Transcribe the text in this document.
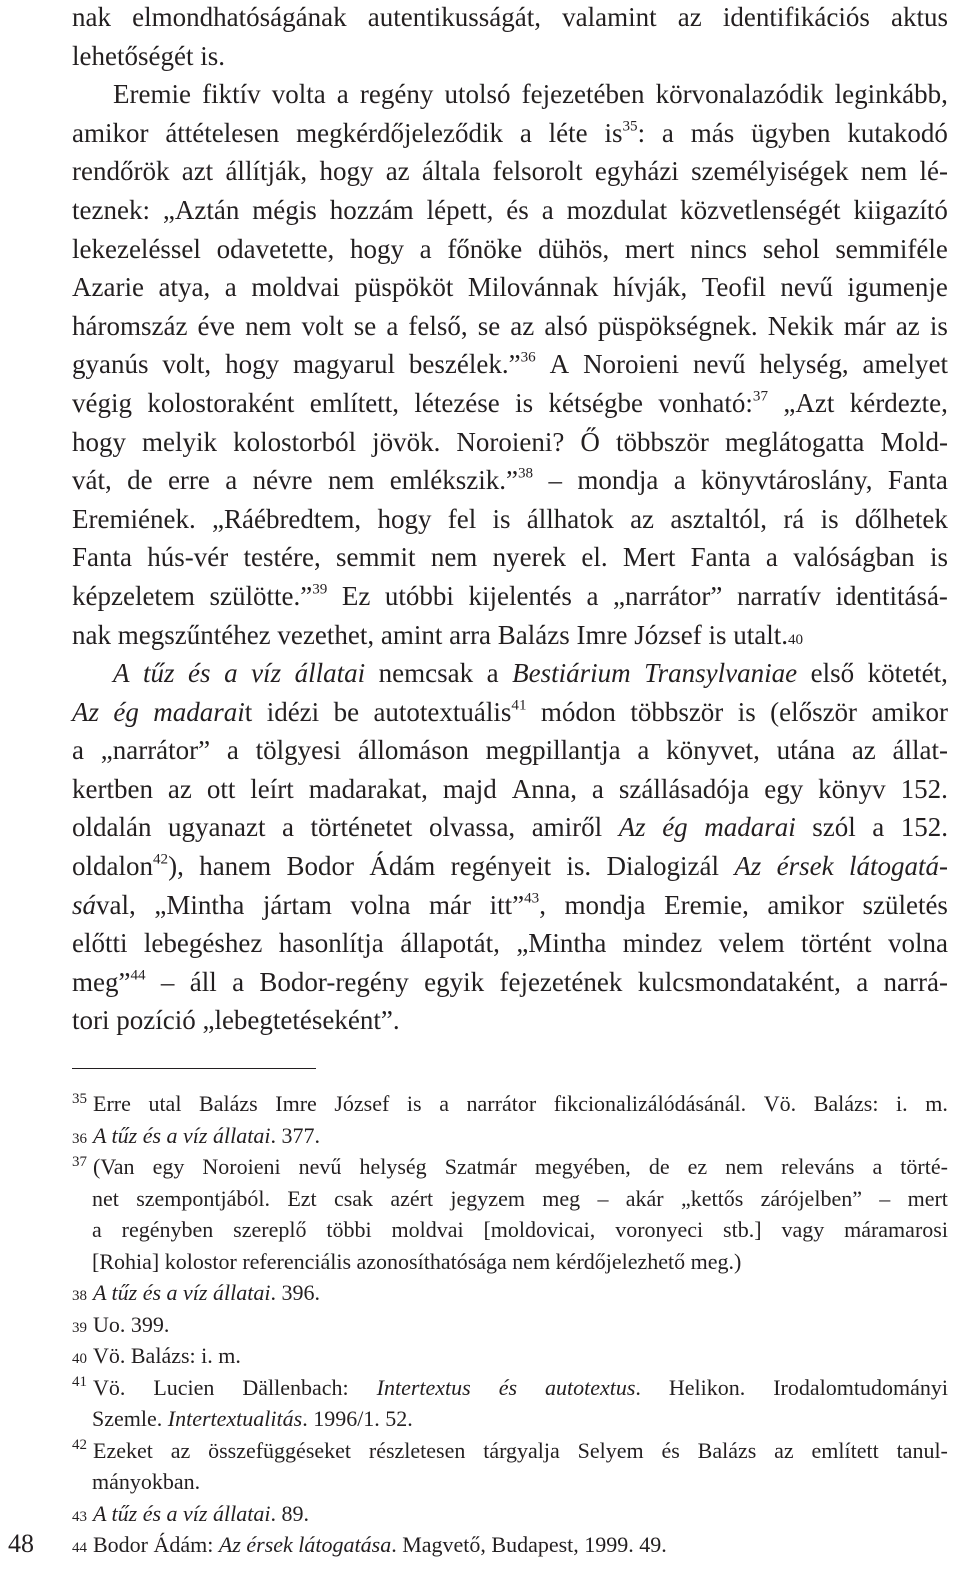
nak elmondhatóságának autentikusságát, valamint az identifikációs aktus
lehetőségét is.
Eremie fiktív volta a regény utolsó fejezetében körvonalazódik leginkább,
amikor áttételesen megkérdőjeleződik a léte is$^{35}$: a más ügyben kutakodó
rendőrök azt állítják, hogy az általa felsorolt egyházi személyiségek nem lé-
teznek: „Aztán mégis hozzám lépett, és a mozdulat közvetlenségét kiigazító
lekezeléssel odavetette, hogy a főnöke dühös, mert nincs sehol semmiféle
Azarie atya, a moldvai püspököt Milovánnak hívják, Teofil nevű igumenje
háromszáz éve nem volt se a felső, se az alsó püspökségnek. Nekik már az is
gyanús volt, hogy magyarul beszélek.”$^{36}$ A Noroieni nevű helység, amelyet
végig kolostoraként említett, létezése is kétségbe vonható:$^{37}$ „Azt kérdezte,
hogy melyik kolostorból jövök. Noroieni? Ő többször meglátogatta Mold-
vát, de erre a névre nem emlékszik.”$^{38}$ – mondja a könyvtároslány, Fanta
Eremiének. „Ráébredtem, hogy fel is állhatok az asztaltól, rá is dőlhetek
Fanta hús-vér testére, semmit nem nyerek el. Mert Fanta a valóságban is
képzeletem szülötte.”$^{39}$ Ez utóbbi kijelentés a „narrátor” narratív identitásá-
nak megszűntéhez vezethet, amint arra Balázs Imre József is utalt. 40
A tűz és a víz állatai nemcsak a Bestiárium Transylvaniae első kötetét,
Az ég madarait idézi be autotextuális$^{41}$ módon többször is (először amikor
a „narrátor” a tölgyesi állomáson megpillantja a könyvet, utána az állat-
kertben az ott leírt madarakat, majd Anna, a szállásadója egy könyv 152.
oldalán ugyanazt a történetet olvassa, amiről Az ég madarai szól a 152.
oldalon$^{42}$), hanem Bodor Ádám regényeit is. Dialogizál Az érsek látogatá-
sával, „Mintha jártam volna már itt”$^{43}$, mondja Eremie, amikor születés
előtti lebegéshez hasonlítja állapotát, „Mintha mindez velem történt volna
meg”$^{44}$ – áll a Bodor-regény egyik fejezetének kulcsmondataként, a narrá-
tori pozíció „lebegtetéseként”.
$^{35}$ Erre utal Balázs Imre József is a narrátor fikcionalizálódásánál. Vö. Balázs: i. m.
36 A tűz és a víz állatai . 377.
$^{37}$ (Van egy Noroieni nevű helység Szatmár megyében, de ez nem releváns a törté-
net szempontjából. Ezt csak azért jegyzem meg – akár „kettős zárójelben” – mert
a regényben szereplő többi moldvai [moldovicai, voronyeci stb.] vagy máramarosi
[Rohia] kolostor referenciális azonosíthatósága nem kérdőjelezhető meg.)
38 A tűz és a víz állatai . 396.
39 Uo. 399.
40 Vö. Balázs: i. m.
$^{41}$ Vö. Lucien Dällenbach: Intertextus és autotextus. Helikon. Irodalomtudományi
Szemle. Intertextualitás . 1996/1. 52.
$^{42}$ Ezeket az összefüggéseket részletesen tárgyalja Selyem és Balázs az említett tanul-
mányokban.
43 A tűz és a víz állatai . 89.
44 Bodor Ádám: Az érsek látogatása . Magvető, Budapest, 1999. 49.
48
